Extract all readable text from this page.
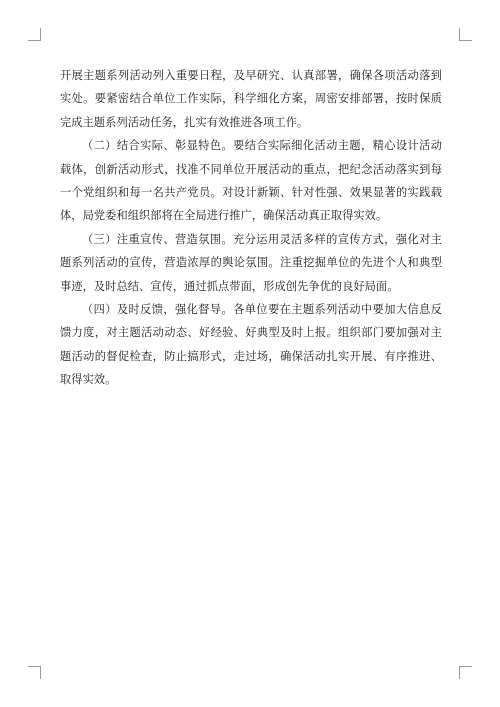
开展主题系列活动列入重要日程，及早研究、认真部署，确保各项活动落到实处。要紧密结合单位工作实际，科学细化方案，周密安排部署，按时保质完成主题系列活动任务，扎实有效推进各项工作。

（二）结合实际、彰显特色。要结合实际细化活动主题，精心设计活动载体，创新活动形式，找准不同单位开展活动的重点，把纪念活动落实到每一个党组织和每一名共产党员。对设计新颖、针对性强、效果显著的实践载体，局党委和组织部将在全局进行推广，确保活动真正取得实效。

（三）注重宣传、营造氛围。充分运用灵活多样的宣传方式，强化对主题系列活动的宣传，营造浓厚的舆论氛围。注重挖掘单位的先进个人和典型事迹，及时总结、宣传，通过抓点带面，形成创先争优的良好局面。

（四）及时反馈，强化督导。各单位要在主题系列活动中要加大信息反馈力度，对主题活动动态、好经验、好典型及时上报。组织部门要加强对主题活动的督促检查，防止搞形式，走过场，确保活动扎实开展、有序推进、取得实效。
